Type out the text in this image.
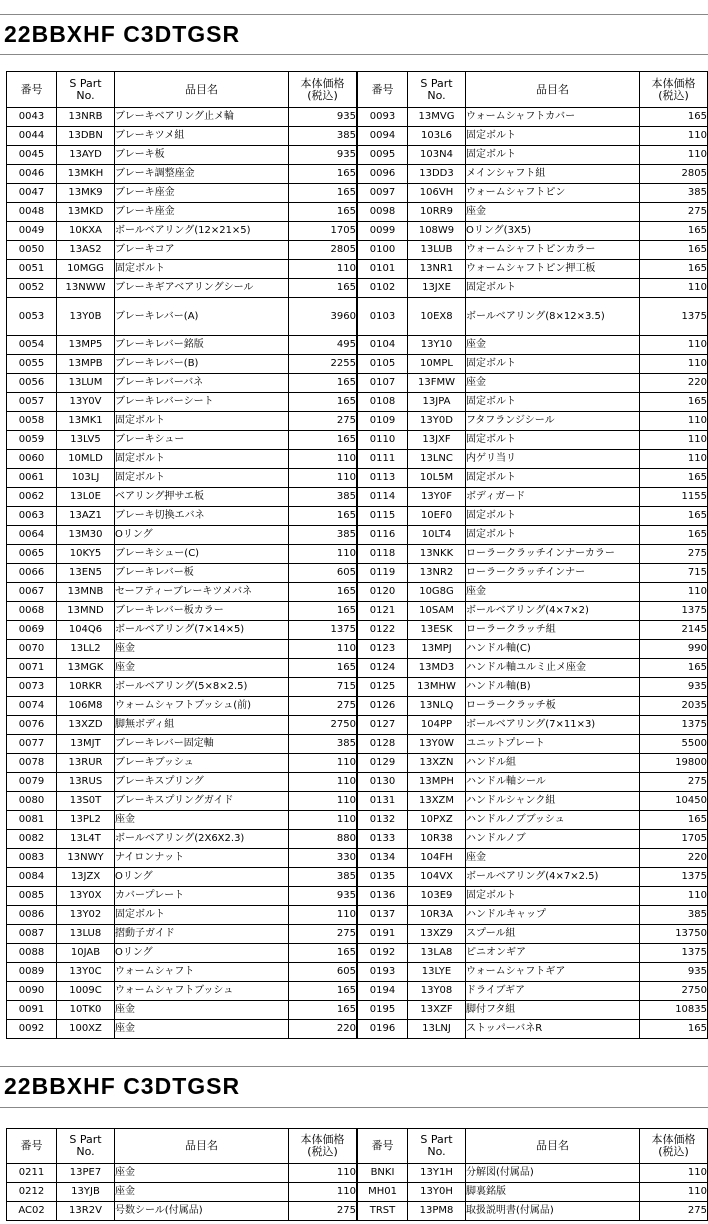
22BBXHF C3DTGSR
番号	S Part
No.	品目名	本体価格
(税込)
0043	13NRB	ブレーキベアリング止メ輪	935
0044	13DBN	ブレーキツメ組	385
0045	13AYD	ブレーキ板	935
0046	13MKH	ブレーキ調整座金	165
0047	13MK9	ブレーキ座金	165
0048	13MKD	ブレーキ座金	165
0049	10KXA	ボールベアリング(12×21×5)	1705
0050	13AS2	ブレーキコア	2805
0051	10MGG	固定ボルト	110
0052	13NWW	ブレーキギアベアリングシール	165
0053	13Y0B	ブレーキレバー(A)	3960
0054	13MP5	ブレーキレバー銘版	495
0055	13MPB	ブレーキレバー(B)	2255
0056	13LUM	ブレーキレバーバネ	165
0057	13Y0V	ブレーキレバーシート	165
0058	13MK1	固定ボルト	275
0059	13LV5	ブレーキシュー	165
0060	10MLD	固定ボルト	110
0061	103LJ	固定ボルト	110
0062	13L0E	ベアリング押サエ板	385
0063	13AZ1	ブレーキ切換エバネ	165
0064	13M30	Oリング	385
0065	10KY5	ブレーキシュー(C)	110
0066	13EN5	ブレーキレバー板	605
0067	13MNB	セーフティーブレーキツメバネ	165
0068	13MND	ブレーキレバー板カラー	165
0069	104Q6	ボールベアリング(7×14×5)	1375
0070	13LL2	座金	110
0071	13MGK	座金	165
0073	10RKR	ボールベアリング(5×8×2.5)	715
0074	106M8	ウォームシャフトブッシュ(前)	275
0076	13XZD	脚無ボディ組	2750
0077	13MJT	ブレーキレバー固定軸	385
0078	13RUR	ブレーキブッシュ	110
0079	13RUS	ブレーキスプリング	110
0080	13S0T	ブレーキスプリングガイド	110
0081	13PL2	座金	110
0082	13L4T	ボールベアリング(2X6X2.3)	880
0083	13NWY	ナイロンナット	330
0084	13JZX	Oリング	385
0085	13Y0X	カバープレート	935
0086	13Y02	固定ボルト	110
0087	13LU8	摺動子ガイド	275
0088	10JAB	Oリング	165
0089	13Y0C	ウォームシャフト	605
0090	1009C	ウォームシャフトブッシュ	165
0091	10TK0	座金	165
0092	100XZ	座金	220
番号	S Part
No.	品目名	本体価格
(税込)
0093	13MVG	ウォームシャフトカバー	165
0094	103L6	固定ボルト	110
0095	103N4	固定ボルト	110
0096	13DD3	メインシャフト組	2805
0097	106VH	ウォームシャフトピン	385
0098	10RR9	座金	275
0099	108W9	Oリング(3X5)	165
0100	13LUB	ウォームシャフトピンカラー	165
0101	13NR1	ウォームシャフトピン押工板	165
0102	13JXE	固定ボルト	110
0103	10EX8	ボールベアリング(8×12×3.5)	1375
0104	13Y10	座金	110
0105	10MPL	固定ボルト	110
0107	13FMW	座金	220
0108	13JPA	固定ボルト	165
0109	13Y0D	フタフランジシール	110
0110	13JXF	固定ボルト	110
0111	13LNC	内ゲリ当リ	110
0113	10L5M	固定ボルト	165
0114	13Y0F	ボディガード	1155
0115	10EF0	固定ボルト	165
0116	10LT4	固定ボルト	165
0118	13NKK	ローラークラッチインナーカラー	275
0119	13NR2	ローラークラッチインナー	715
0120	10G8G	座金	110
0121	10SAM	ボールベアリング(4×7×2)	1375
0122	13ESK	ローラークラッチ組	2145
0123	13MPJ	ハンドル軸(C)	990
0124	13MD3	ハンドル軸ユルミ止メ座金	165
0125	13MHW	ハンドル軸(B)	935
0126	13NLQ	ローラークラッチ板	2035
0127	104PP	ボールベアリング(7×11×3)	1375
0128	13Y0W	ユニットプレート	5500
0129	13XZN	ハンドル組	19800
0130	13MPH	ハンドル軸シール	275
0131	13XZM	ハンドルシャンク組	10450
0132	10PXZ	ハンドルノブブッシュ	165
0133	10R38	ハンドルノブ	1705
0134	104FH	座金	220
0135	104VX	ボールベアリング(4×7×2.5)	1375
0136	103E9	固定ボルト	110
0137	10R3A	ハンドルキャップ	385
0191	13XZ9	スプール組	13750
0192	13LA8	ピニオンギア	1375
0193	13LYE	ウォームシャフトギア	935
0194	13Y08	ドライブギア	2750
0195	13XZF	脚付フタ組	10835
0196	13LNJ	ストッパーバネR	165
22BBXHF C3DTGSR
番号	S Part
No.	品目名	本体価格
(税込)
0211	13PE7	座金	110
0212	13YJB	座金	110
AC02	13R2V	号数シール(付属品)	275
番号	S Part
No.	品目名	本体価格
(税込)
BNKI	13Y1H	分解図(付属品)	110
MH01	13Y0H	脚裏銘版	110
TRST	13PM8	取扱説明書(付属品)	275
